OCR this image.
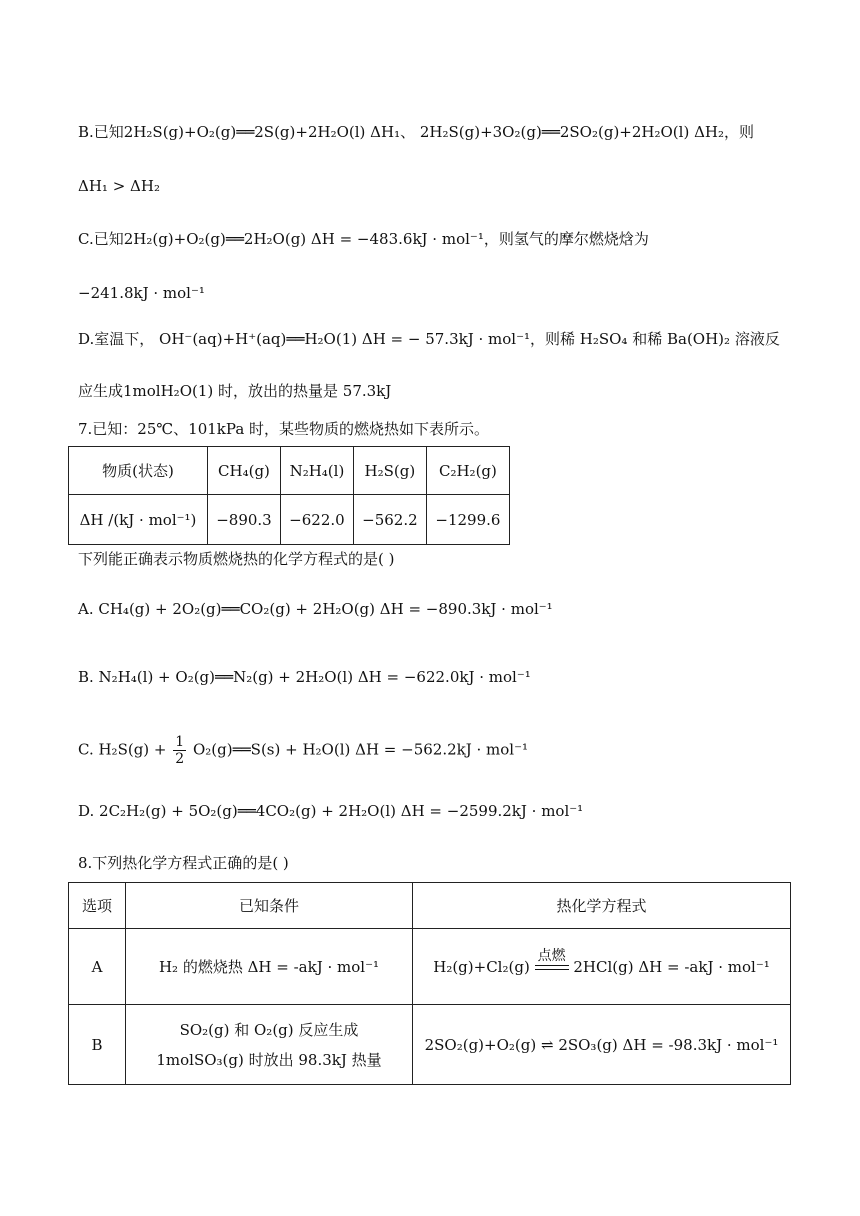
B.已知2H₂S(g)+O₂(g)══2S(g)+2H₂O(l) ΔH₁、 2H₂S(g)+3O₂(g)══2SO₂(g)+2H₂O(l) ΔH₂，则
ΔH₁ > ΔH₂
C.已知2H₂(g)+O₂(g)══2H₂O(g) ΔH = −483.6kJ · mol⁻¹，则氢气的摩尔燃烧焓为
−241.8kJ · mol⁻¹
D.室温下， OH⁻(aq)+H⁺(aq)══H₂O(1) ΔH = − 57.3kJ · mol⁻¹，则稀 H₂SO₄ 和稀 Ba(OH)₂ 溶液反
应生成1molH₂O(1) 时，放出的热量是 57.3kJ
7.已知：25℃、101kPa 时，某些物质的燃烧热如下表所示。
物质(状态)	CH₄(g)	N₂H₄(l)	H₂S(g)	C₂H₂(g)
ΔH /(kJ · mol⁻¹)	−890.3	−622.0	−562.2	−1299.6
下列能正确表示物质燃烧热的化学方程式的是( )
A. CH₄(g) + 2O₂(g)══CO₂(g) + 2H₂O(g) ΔH = −890.3kJ · mol⁻¹
B. N₂H₄(l) + O₂(g)══N₂(g) + 2H₂O(l) ΔH = −622.0kJ · mol⁻¹
C. $H_2S(g) + \frac{1}{2}$ O₂(g)══S(s) + H₂O(l) ΔH = −562.2kJ · mol⁻¹
D. 2C₂H₂(g) + 5O₂(g)══4CO₂(g) + 2H₂O(l) ΔH = −2599.2kJ · mol⁻¹
8.下列热化学方程式正确的是( )
选项	已知条件	热化学方程式
A	H₂ 的燃烧热 ΔH = -akJ · mol⁻¹	H₂(g)+Cl₂(g)
点燃
2HCl(g) ΔH = -akJ · mol⁻¹
B	SO₂(g) 和 O₂(g) 反应生成
1molSO₃(g) 时放出 98.3kJ 热量	2SO₂(g)+O₂(g) ⇌ 2SO₃(g) ΔH = -98.3kJ · mol⁻¹
